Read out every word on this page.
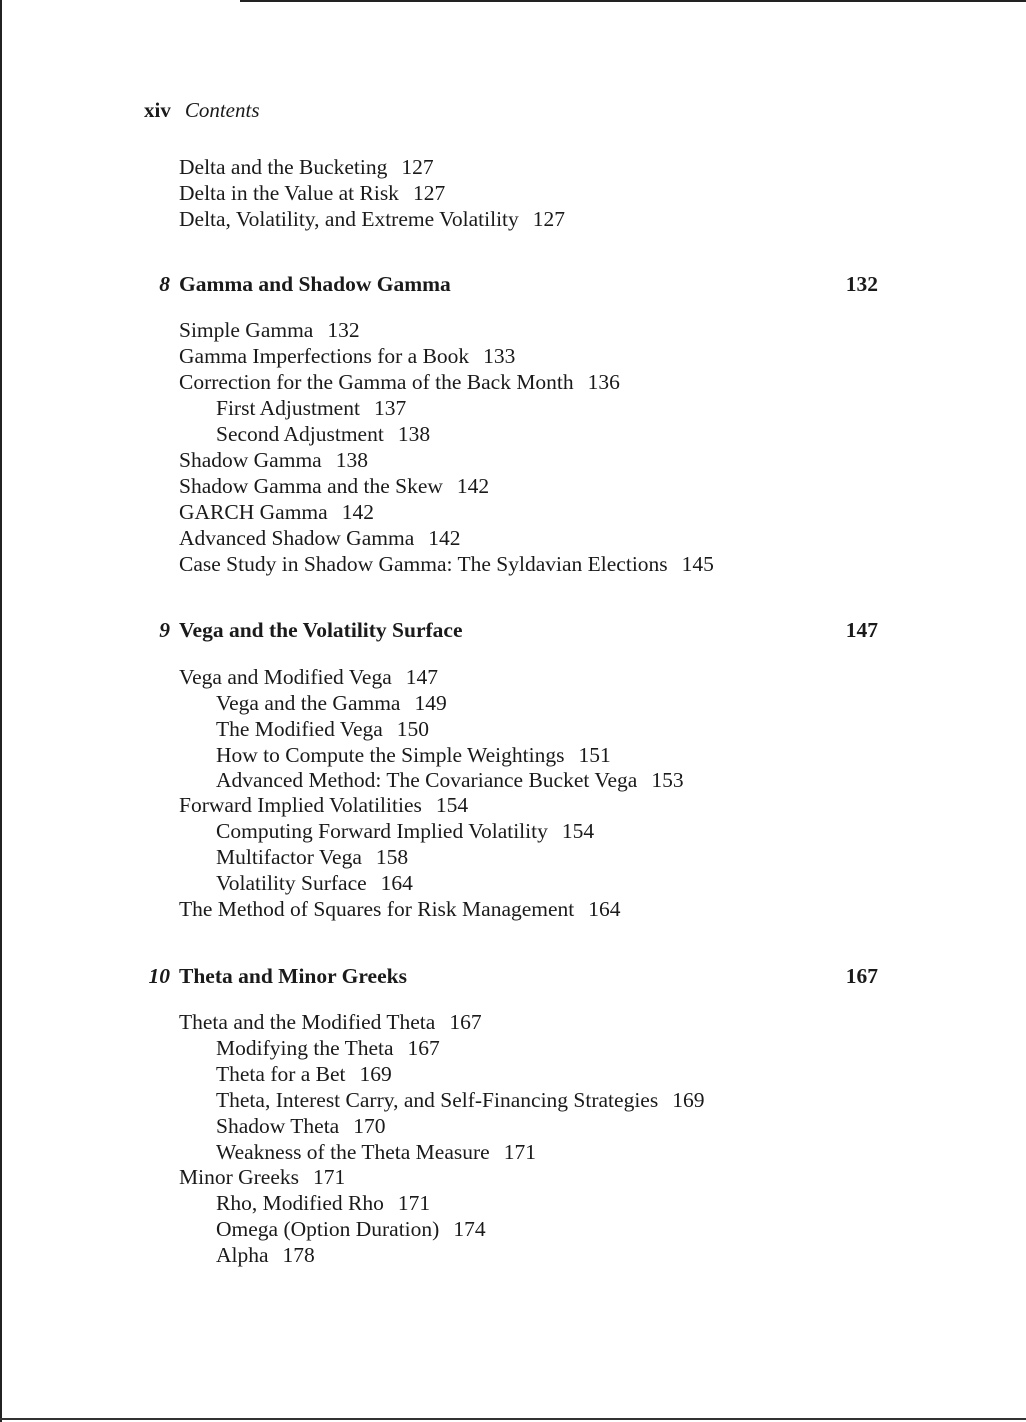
xiv Contents
Delta and the Bucketing 127
Delta in the Value at Risk 127
Delta, Volatility, and Extreme Volatility 127
8 Gamma and Shadow Gamma	132
Simple Gamma 132
Gamma Imperfections for a Book 133
Correction for the Gamma of the Back Month 136
First Adjustment 137
Second Adjustment 138
Shadow Gamma 138
Shadow Gamma and the Skew 142
GARCH Gamma 142
Advanced Shadow Gamma 142
Case Study in Shadow Gamma: The Syldavian Elections 145
9 Vega and the Volatility Surface	147
Vega and Modified Vega 147
Vega and the Gamma 149
The Modified Vega 150
How to Compute the Simple Weightings 151
Advanced Method: The Covariance Bucket Vega 153
Forward Implied Volatilities 154
Computing Forward Implied Volatility 154
Multifactor Vega 158
Volatility Surface 164
The Method of Squares for Risk Management 164
10 Theta and Minor Greeks	167
Theta and the Modified Theta 167
Modifying the Theta 167
Theta for a Bet 169
Theta, Interest Carry, and Self-Financing Strategies 169
Shadow Theta 170
Weakness of the Theta Measure 171
Minor Greeks 171
Rho, Modified Rho 171
Omega (Option Duration) 174
Alpha 178
